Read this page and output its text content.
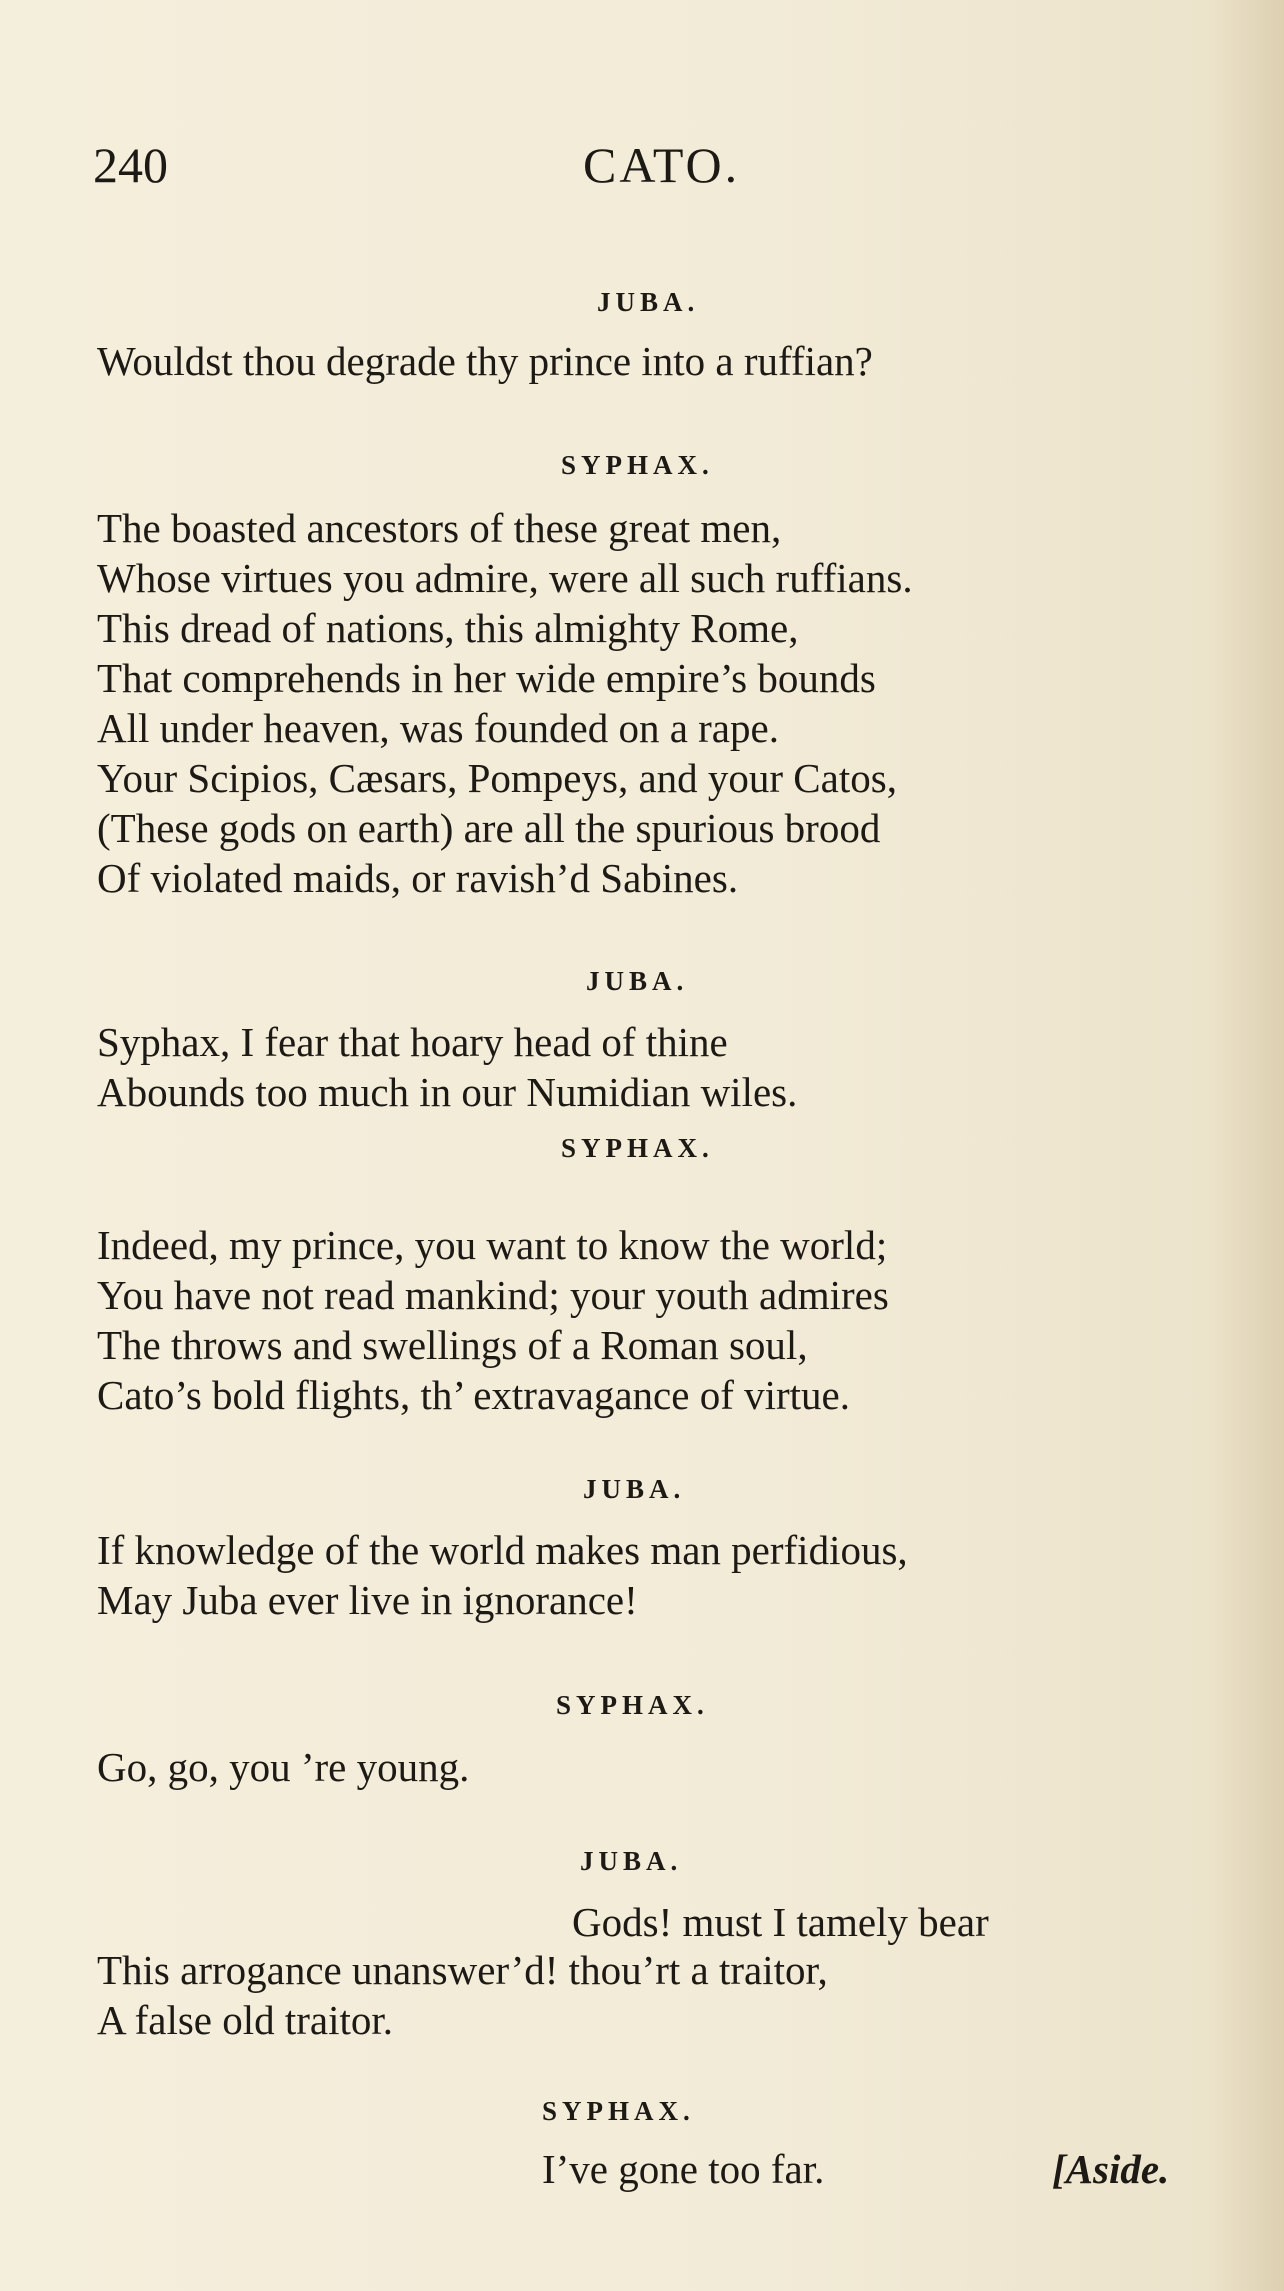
240	CATO.
JUBA.
Wouldst thou degrade thy prince into a ruffian?
SYPHAX.
The boasted ancestors of these great men,
Whose virtues you admire, were all such ruffians.
This dread of nations, this almighty Rome,
That comprehends in her wide empire’s bounds
All under heaven, was founded on a rape.
Your Scipios, Cæsars, Pompeys, and your Catos,
(These gods on earth) are all the spurious brood
Of violated maids, or ravish’d Sabines.
JUBA.
Syphax, I fear that hoary head of thine
Abounds too much in our Numidian wiles.
SYPHAX.
Indeed, my prince, you want to know the world;
You have not read mankind; your youth admires
The throws and swellings of a Roman soul,
Cato’s bold flights, th’ extravagance of virtue.
JUBA.
If knowledge of the world makes man perfidious,
May Juba ever live in ignorance!
SYPHAX.
Go, go, you ’re young.
JUBA.
Gods! must I tamely bear
This arrogance unanswer’d! thou’rt a traitor,
A false old traitor.
SYPHAX.
I’ve gone too far.	[Aside.
